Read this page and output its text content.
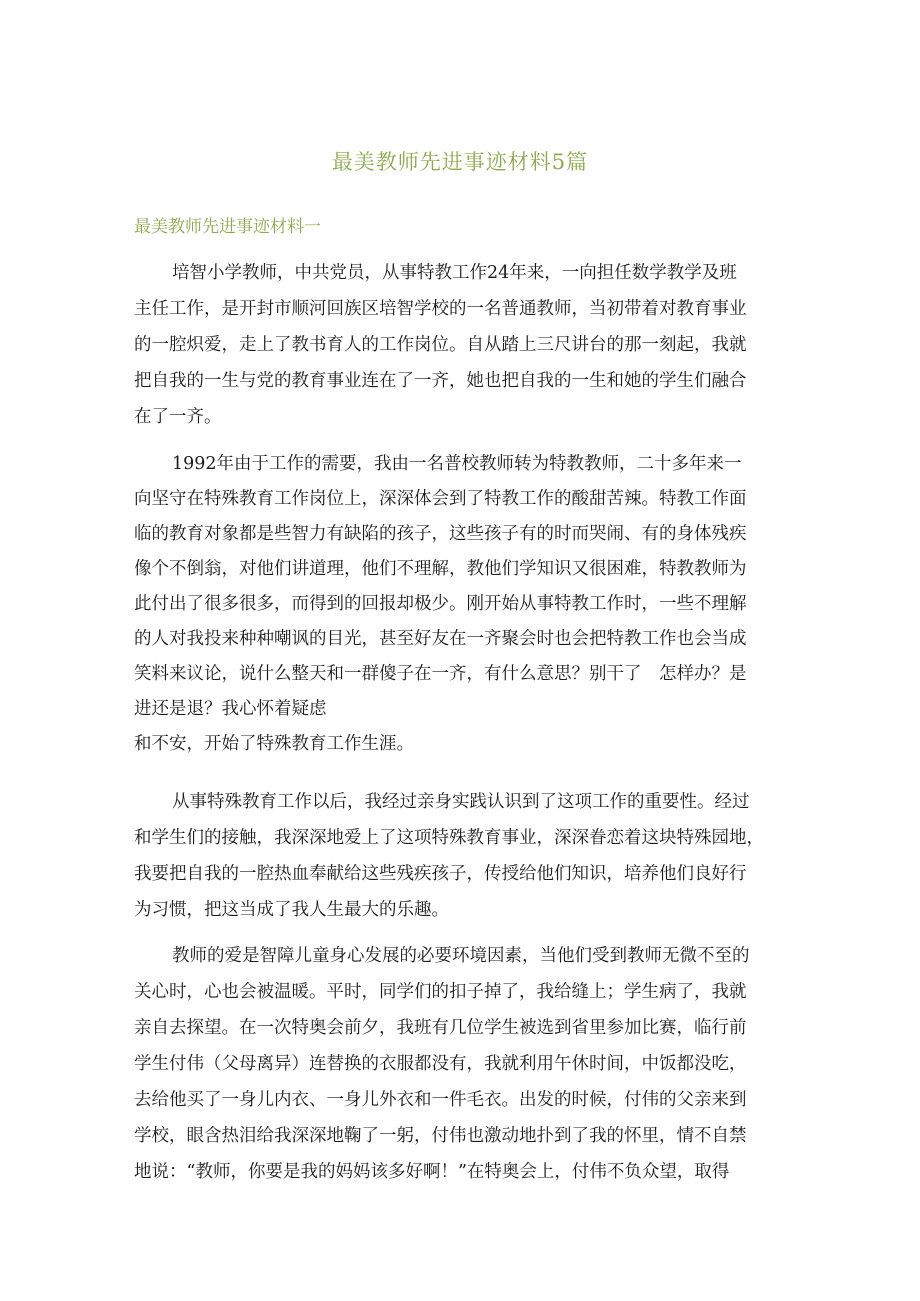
最美教师先进事迹材料5篇
最美教师先进事迹材料一
培智小学教师，中共党员，从事特教工作24年来，一向担任数学教学及班
主任工作，是开封市顺河回族区培智学校的一名普通教师，当初带着对教育事业
的一腔炽爱，走上了教书育人的工作岗位。自从踏上三尺讲台的那一刻起，我就
把自我的一生与党的教育事业连在了一齐，她也把自我的一生和她的学生们融合
在了一齐。
1992年由于工作的需要，我由一名普校教师转为特教教师，二十多年来一
向坚守在特殊教育工作岗位上，深深体会到了特教工作的酸甜苦辣。特教工作面
临的教育对象都是些智力有缺陷的孩子，这些孩子有的时而哭闹、有的身体残疾
像个不倒翁，对他们讲道理，他们不理解，教他们学知识又很困难，特教教师为
此付出了很多很多，而得到的回报却极少。刚开始从事特教工作时，一些不理解
的人对我投来种种嘲讽的目光，甚至好友在一齐聚会时也会把特教工作也会当成
笑料来议论，说什么整天和一群傻子在一齐，有什么意思？别干了　怎样办？是
进还是退？我心怀着疑虑
和不安，开始了特殊教育工作生涯。
从事特殊教育工作以后，我经过亲身实践认识到了这项工作的重要性。经过
和学生们的接触，我深深地爱上了这项特殊教育事业，深深眷恋着这块特殊园地，
我要把自我的一腔热血奉献给这些残疾孩子，传授给他们知识，培养他们良好行
为习惯，把这当成了我人生最大的乐趣。
教师的爱是智障儿童身心发展的必要环境因素，当他们受到教师无微不至的
关心时，心也会被温暖。平时，同学们的扣子掉了，我给缝上；学生病了，我就
亲自去探望。在一次特奥会前夕，我班有几位学生被选到省里参加比赛，临行前
学生付伟（父母离异）连替换的衣服都没有，我就利用午休时间，中饭都没吃，
去给他买了一身儿内衣、一身儿外衣和一件毛衣。出发的时候，付伟的父亲来到
学校，眼含热泪给我深深地鞠了一躬，付伟也激动地扑到了我的怀里，情不自禁
地说：“教师，你要是我的妈妈该多好啊！”在特奥会上，付伟不负众望，取得
